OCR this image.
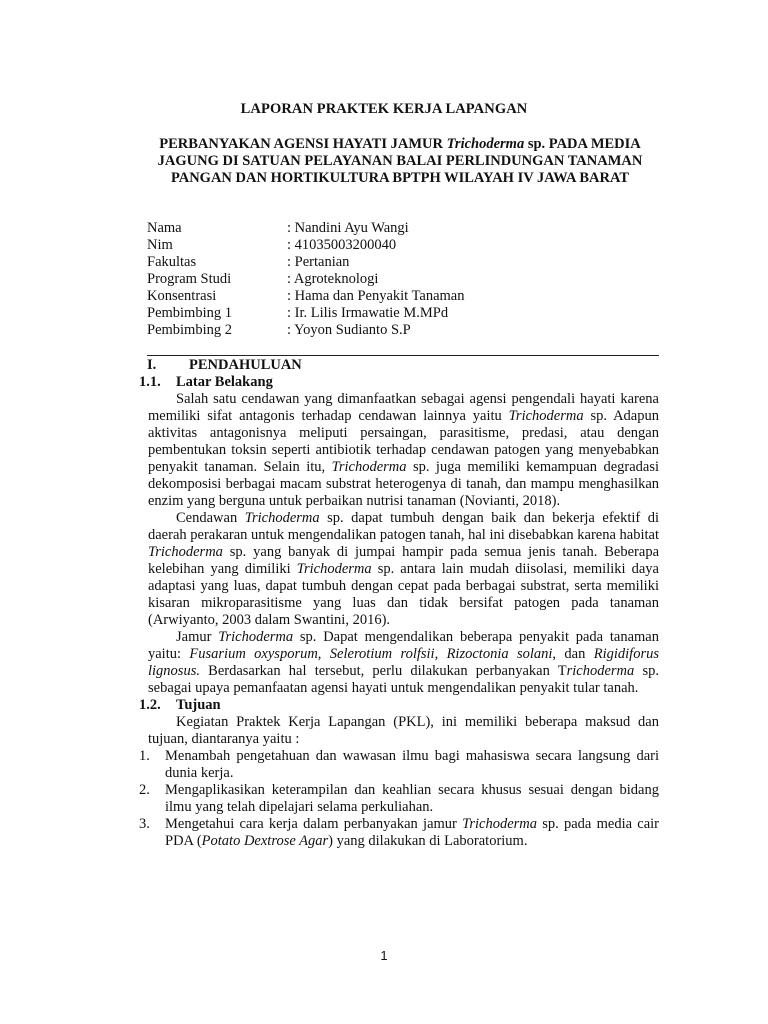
LAPORAN PRAKTEK KERJA LAPANGAN
PERBANYAKAN AGENSI HAYATI JAMUR Trichoderma sp. PADA MEDIA JAGUNG DI SATUAN PELAYANAN BALAI PERLINDUNGAN TANAMAN PANGAN DAN HORTIKULTURA BPTPH WILAYAH IV JAWA BARAT
Nama	: Nandini Ayu Wangi
Nim	: 41035003200040
Fakultas	: Pertanian
Program Studi	: Agroteknologi
Konsentrasi	: Hama dan Penyakit Tanaman
Pembimbing 1	: Ir. Lilis Irmawatie M.MPd
Pembimbing 2	: Yoyon Sudianto S.P
I.	PENDAHULUAN
1.1.	Latar Belakang

Salah satu cendawan yang dimanfaatkan sebagai agensi pengendali hayati karena memiliki sifat antagonis terhadap cendawan lainnya yaitu Trichoderma sp. Adapun aktivitas antagonisnya meliputi persaingan, parasitisme, predasi, atau dengan pembentukan toksin seperti antibiotik terhadap cendawan patogen yang menyebabkan penyakit tanaman. Selain itu, Trichoderma sp. juga memiliki kemampuan degradasi dekomposisi berbagai macam substrat heterogenya di tanah, dan mampu menghasilkan enzim yang berguna untuk perbaikan nutrisi tanaman (Novianti, 2018).

Cendawan Trichoderma sp. dapat tumbuh dengan baik dan bekerja efektif di daerah perakaran untuk mengendalikan patogen tanah, hal ini disebabkan karena habitat Trichoderma sp. yang banyak di jumpai hampir pada semua jenis tanah. Beberapa kelebihan yang dimiliki Trichoderma sp. antara lain mudah diisolasi, memiliki daya adaptasi yang luas, dapat tumbuh dengan cepat pada berbagai substrat, serta memiliki kisaran mikroparasitisme yang luas dan tidak bersifat patogen pada tanaman (Arwiyanto, 2003 dalam Swantini, 2016).

Jamur Trichoderma sp. Dapat mengendalikan beberapa penyakit pada tanaman yaitu: Fusarium oxysporum, Selerotium rolfsii, Rizoctonia solani, dan Rigidiforus lignosus. Berdasarkan hal tersebut, perlu dilakukan perbanyakan Trichoderma sp. sebagai upaya pemanfaatan agensi hayati untuk mengendalikan penyakit tular tanah.

1.2.	Tujuan

Kegiatan Praktek Kerja Lapangan (PKL), ini memiliki beberapa maksud dan tujuan, diantaranya yaitu :

1.	Menambah pengetahuan dan wawasan ilmu bagi mahasiswa secara langsung dari dunia kerja.
2.	Mengaplikasikan keterampilan dan keahlian secara khusus sesuai dengan bidang ilmu yang telah dipelajari selama perkuliahan.
3.	Mengetahui cara kerja dalam perbanyakan jamur Trichoderma sp. pada media cair PDA (Potato Dextrose Agar) yang dilakukan di Laboratorium.
1
